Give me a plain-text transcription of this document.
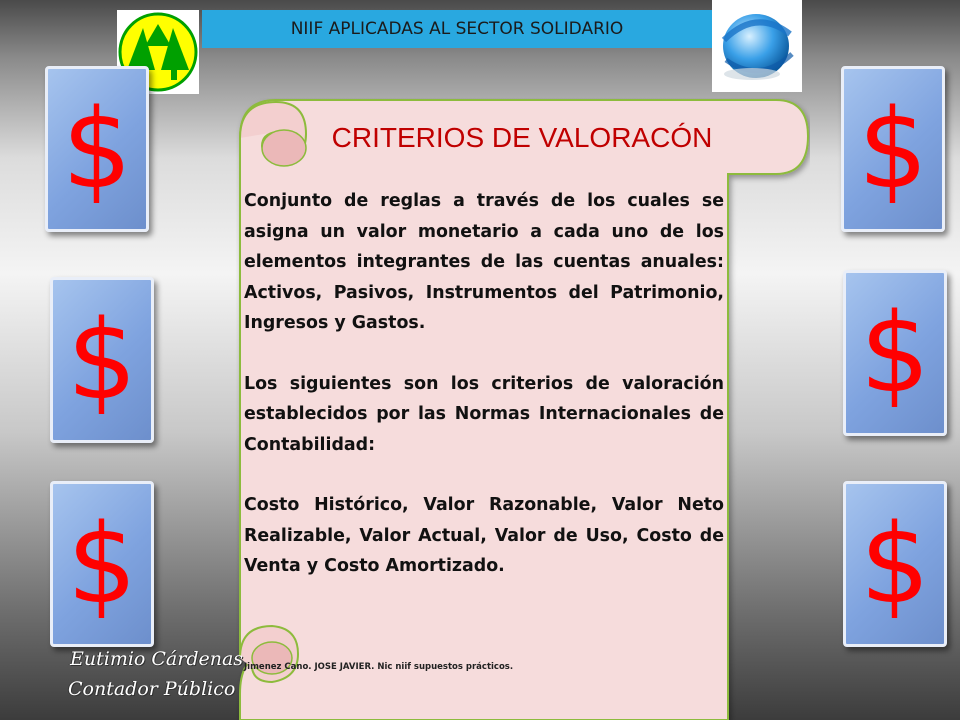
NIIF APLICADAS AL SECTOR SOLIDARIO
$
$
$
$
$
$
CRITERIOS DE VALORACÓN

Conjunto de reglas a través de los cuales se asigna un valor monetario a cada uno de los elementos integrantes de las cuentas anuales: Activos, Pasivos, Instrumentos del Patrimonio, Ingresos y Gastos.

Los siguientes son los criterios de valoración establecidos por las Normas Internacionales de Contabilidad:

Costo Histórico, Valor Razonable, Valor Neto Realizable, Valor Actual, Valor de Uso, Costo de Venta y Costo Amortizado.

Jimenez Cano. JOSE JAVIER. Nic niif supuestos prácticos.
Eutimio Cárdenas
Contador Público
